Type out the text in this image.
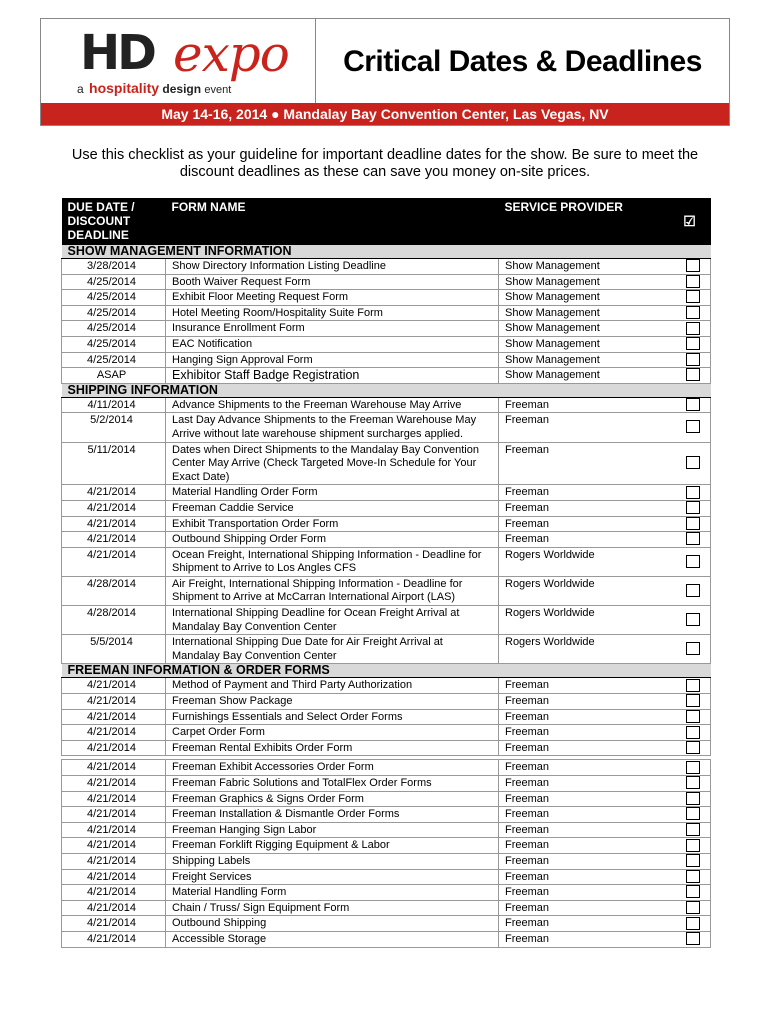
HD expo
a hospitality design event
Critical Dates & Deadlines
May 14-16, 2014 ● Mandalay Bay Convention Center, Las Vegas, NV

Use this checklist as your guideline for important deadline dates for the show. Be sure to meet the discount deadlines as these can save you money on-site prices.

DUE DATE / DISCOUNT DEADLINE	FORM NAME	SERVICE PROVIDER	☑
SHOW MANAGEMENT INFORMATION			
3/28/2014	Show Directory Information Listing Deadline	Show Management	
4/25/2014	Booth Waiver Request Form	Show Management	
4/25/2014	Exhibit Floor Meeting Request Form	Show Management	
4/25/2014	Hotel Meeting Room/Hospitality Suite Form	Show Management	
4/25/2014	Insurance Enrollment Form	Show Management	
4/25/2014	EAC Notification	Show Management	
4/25/2014	Hanging Sign Approval Form	Show Management	
ASAP	Exhibitor Staff Badge Registration	Show Management	
SHIPPING INFORMATION			
4/11/2014	Advance Shipments to the Freeman Warehouse May Arrive	Freeman	
5/2/2014	Last Day Advance Shipments to the Freeman Warehouse May Arrive without late warehouse shipment surcharges applied.	Freeman	
5/11/2014	Dates when Direct Shipments to the Mandalay Bay Convention Center May Arrive (Check Targeted Move-In Schedule for Your Exact Date)	Freeman	
4/21/2014	Material Handling Order Form	Freeman	
4/21/2014	Freeman Caddie Service	Freeman	
4/21/2014	Exhibit Transportation Order Form	Freeman	
4/21/2014	Outbound Shipping Order Form	Freeman	
4/21/2014	Ocean Freight, International Shipping Information - Deadline for Shipment to Arrive to Los Angles CFS	Rogers Worldwide	
4/28/2014	Air Freight, International Shipping Information - Deadline for Shipment to Arrive at McCarran International Airport (LAS)	Rogers Worldwide	
4/28/2014	International Shipping Deadline for Ocean Freight Arrival at Mandalay Bay Convention Center	Rogers Worldwide	
5/5/2014	International Shipping Due Date for Air Freight Arrival at Mandalay Bay Convention Center	Rogers Worldwide	
FREEMAN INFORMATION & ORDER FORMS			
4/21/2014	Method of Payment and Third Party Authorization	Freeman	
4/21/2014	Freeman Show Package	Freeman	
4/21/2014	Furnishings Essentials and Select Order Forms	Freeman	
4/21/2014	Carpet Order Form	Freeman	
4/21/2014	Freeman Rental Exhibits Order Form	Freeman	

4/21/2014	Freeman Exhibit Accessories Order Form	Freeman	
4/21/2014	Freeman Fabric Solutions and TotalFlex Order Forms	Freeman	
4/21/2014	Freeman Graphics & Signs Order Form	Freeman	
4/21/2014	Freeman Installation & Dismantle Order Forms	Freeman	
4/21/2014	Freeman Hanging Sign Labor	Freeman	
4/21/2014	Freeman Forklift Rigging Equipment & Labor	Freeman	
4/21/2014	Shipping Labels	Freeman	
4/21/2014	Freight Services	Freeman	
4/21/2014	Material Handling Form	Freeman	
4/21/2014	Chain / Truss/ Sign Equipment Form	Freeman	
4/21/2014	Outbound Shipping	Freeman	
4/21/2014	Accessible Storage	Freeman	
